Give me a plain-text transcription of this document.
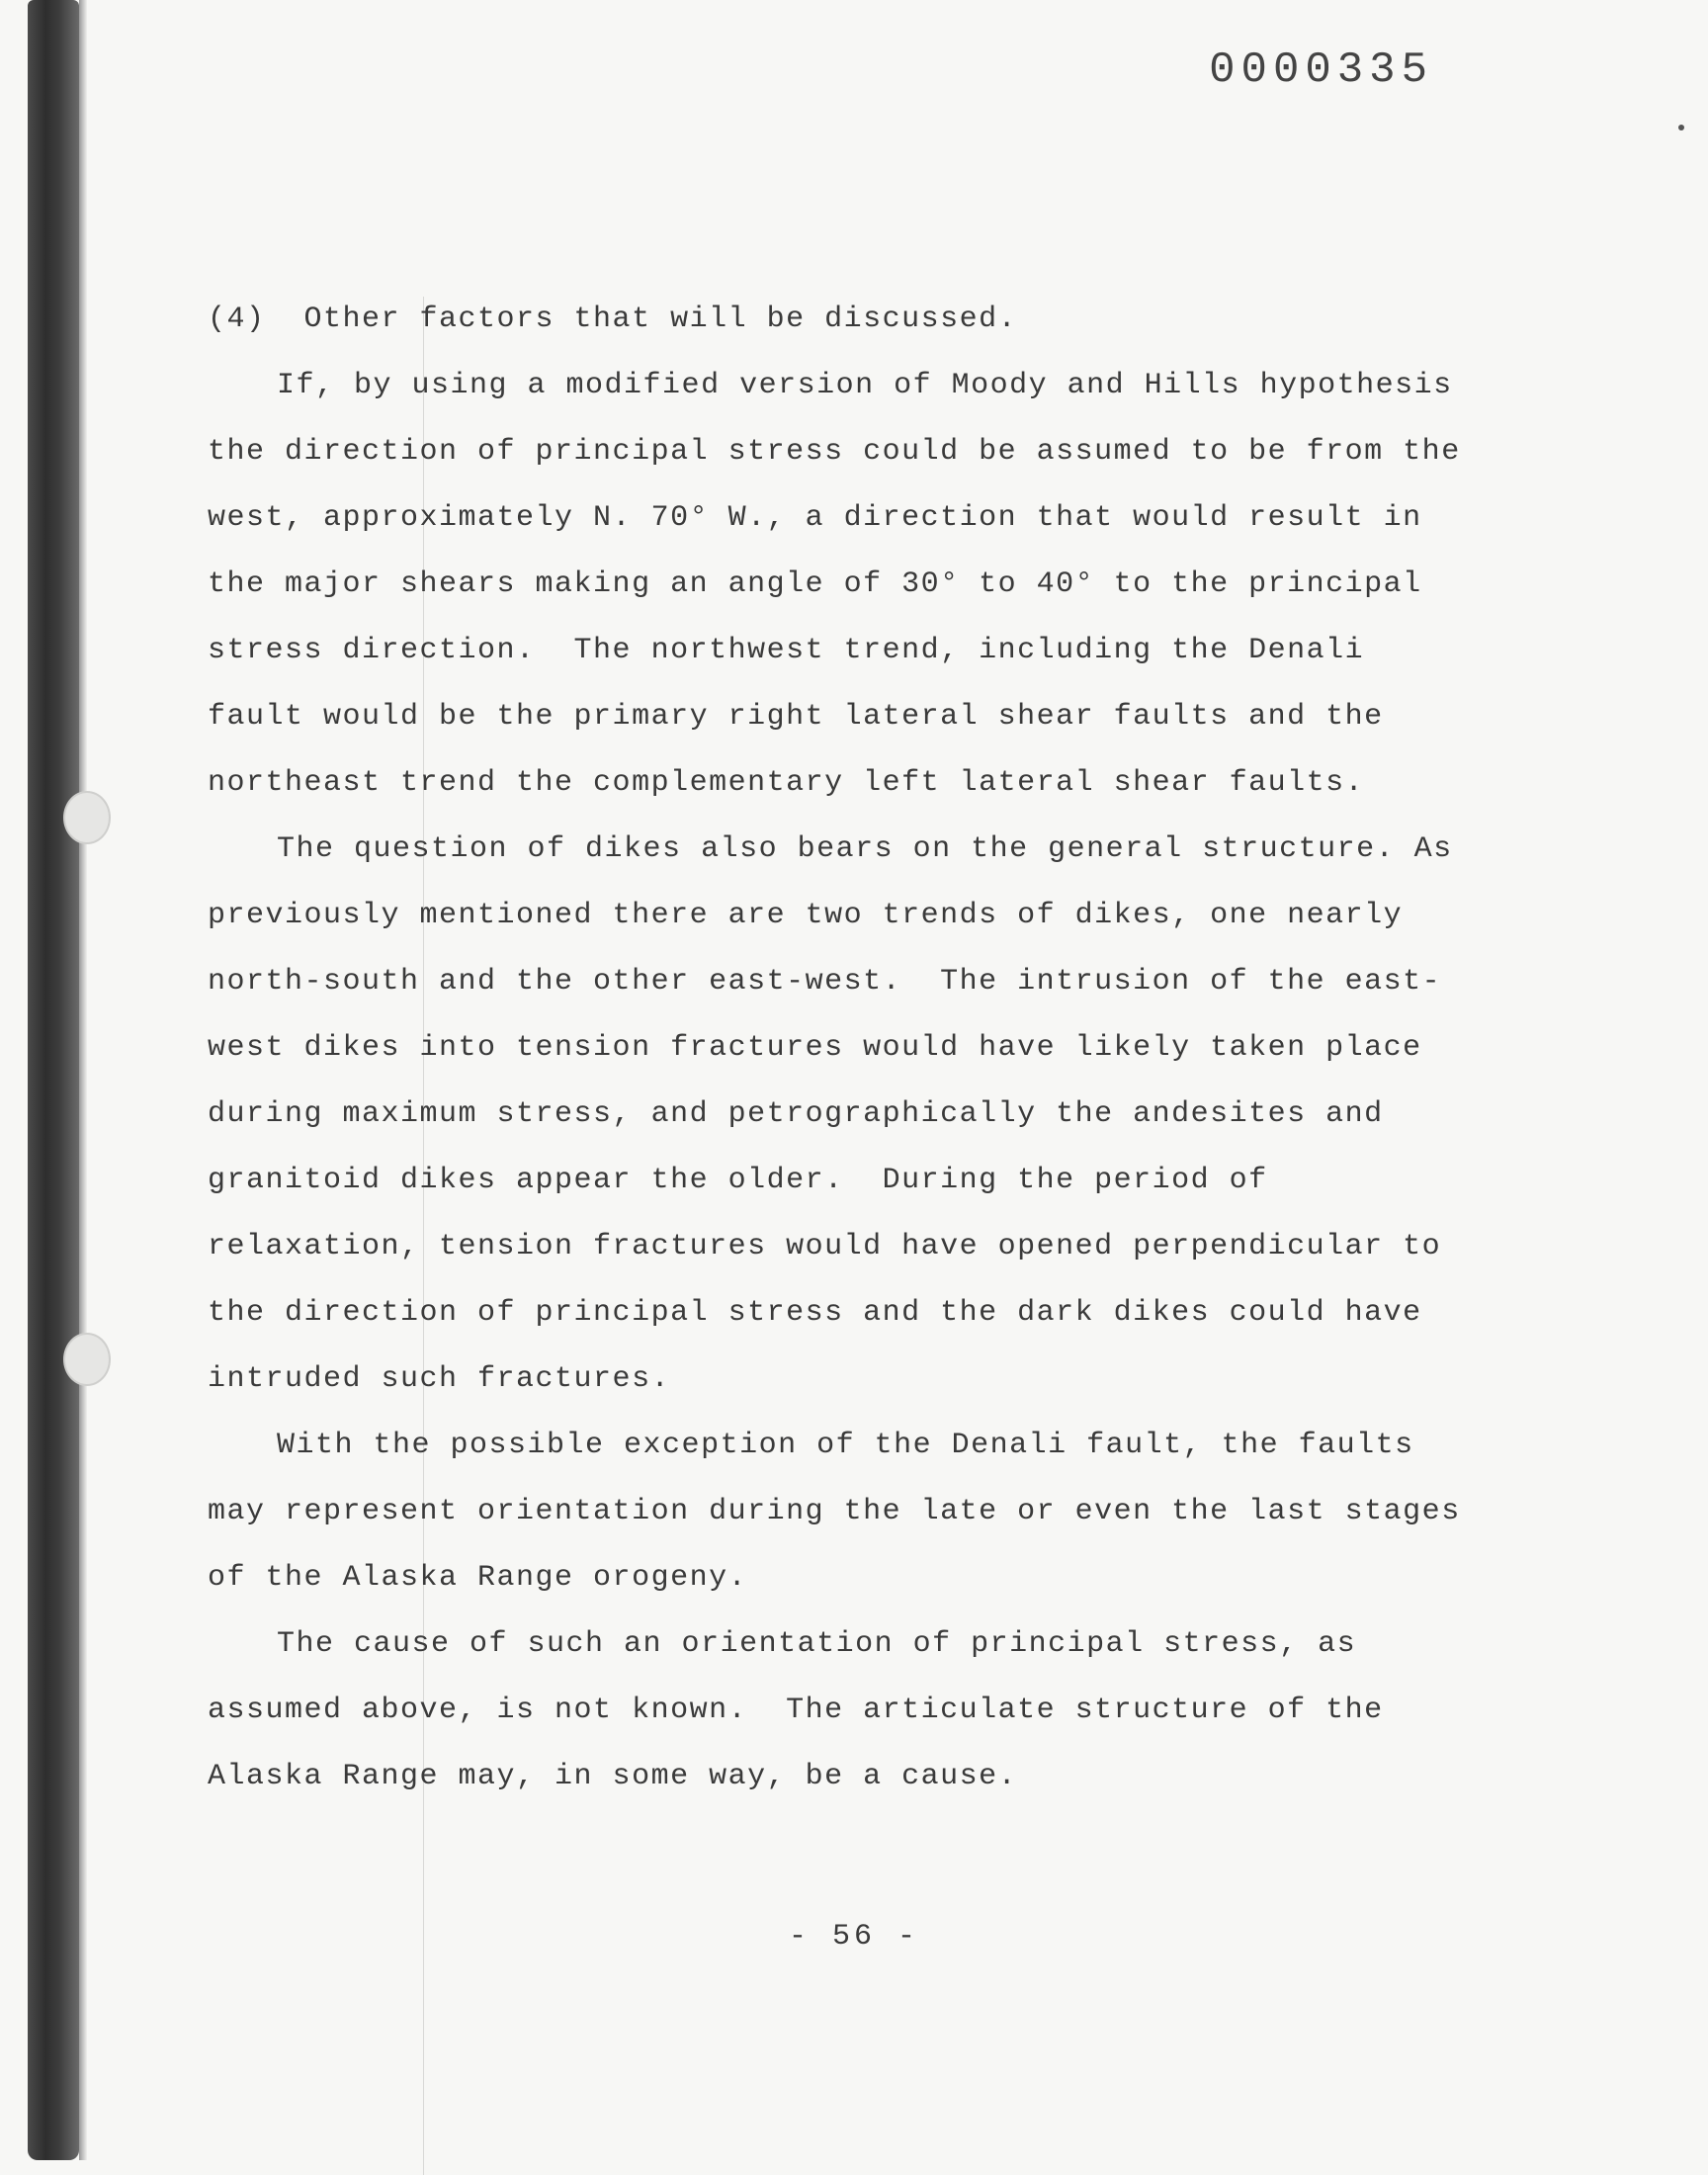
0000335

(4)  Other factors that will be discussed.

If, by using a modified version of Moody and Hills hypothesis the direction of principal stress could be assumed to be from the west, approximately N. 70° W., a direction that would result in the major shears making an angle of 30° to 40° to the principal stress direction.  The northwest trend, including the Denali fault would be the primary right lateral shear faults and the northeast trend the complementary left lateral shear faults.

The question of dikes also bears on the general structure. As previously mentioned there are two trends of dikes, one nearly north-south and the other east-west.  The intrusion of the east-west dikes into tension fractures would have likely taken place during maximum stress, and petrographically the andesites and granitoid dikes appear the older.  During the period of relaxation, tension fractures would have opened perpendicular to the direction of principal stress and the dark dikes could have intruded such fractures.

With the possible exception of the Denali fault, the faults may represent orientation during the late or even the last stages of the Alaska Range orogeny.

The cause of such an orientation of principal stress, as assumed above, is not known.  The articulate structure of the Alaska Range may, in some way, be a cause.

- 56 -
